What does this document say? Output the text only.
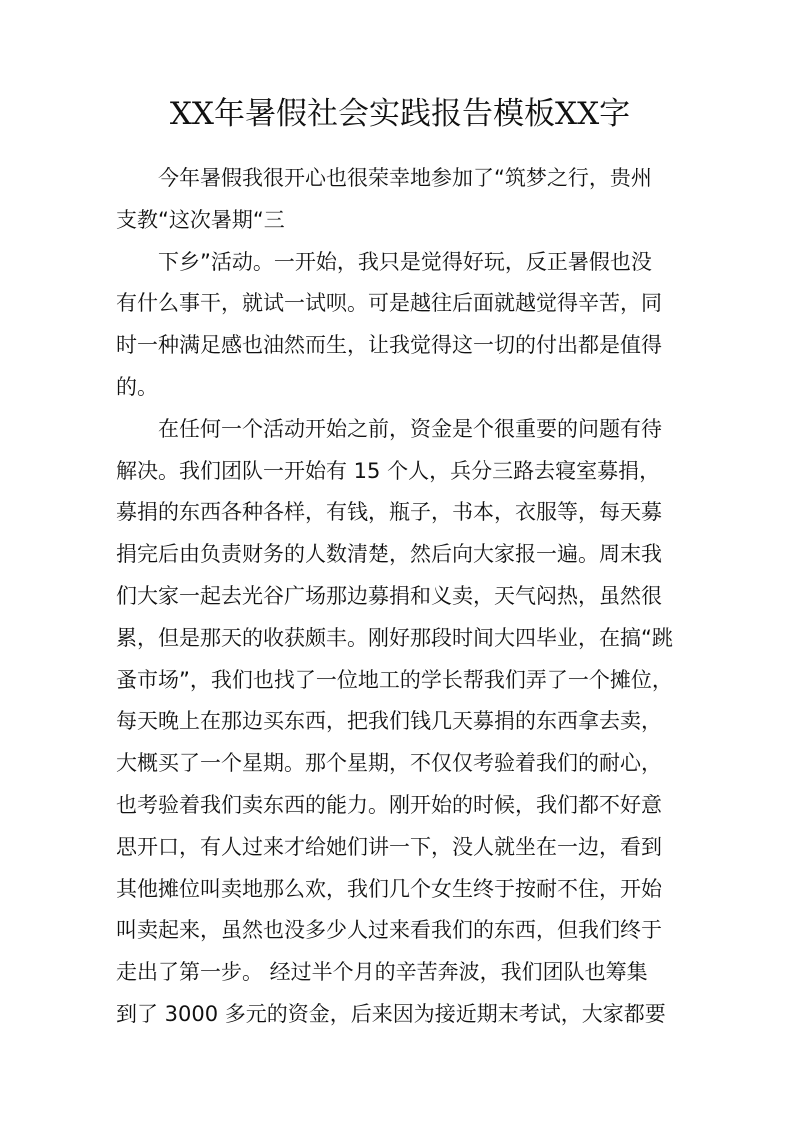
XX年暑假社会实践报告模板XX字
今年暑假我很开心也很荣幸地参加了“筑梦之行，贵州
支教“这次暑期“三
下乡”活动。一开始，我只是觉得好玩，反正暑假也没
有什么事干，就试一试呗。可是越往后面就越觉得辛苦，同
时一种满足感也油然而生，让我觉得这一切的付出都是值得
的。
在任何一个活动开始之前，资金是个很重要的问题有待
解决。我们团队一开始有 15 个人，兵分三路去寝室募捐，
募捐的东西各种各样，有钱，瓶子，书本，衣服等，每天募
捐完后由负责财务的人数清楚，然后向大家报一遍。周末我
们大家一起去光谷广场那边募捐和义卖，天气闷热，虽然很
累，但是那天的收获颇丰。刚好那段时间大四毕业，在搞“跳
蚤市场”，我们也找了一位地工的学长帮我们弄了一个摊位，
每天晚上在那边买东西，把我们钱几天募捐的东西拿去卖，
大概买了一个星期。那个星期，不仅仅考验着我们的耐心，
也考验着我们卖东西的能力。刚开始的时候，我们都不好意
思开口，有人过来才给她们讲一下，没人就坐在一边，看到
其他摊位叫卖地那么欢，我们几个女生终于按耐不住，开始
叫卖起来，虽然也没多少人过来看我们的东西，但我们终于
走出了第一步。 经过半个月的辛苦奔波，我们团队也筹集
到了 3000 多元的资金，后来因为接近期末考试，大家都要
